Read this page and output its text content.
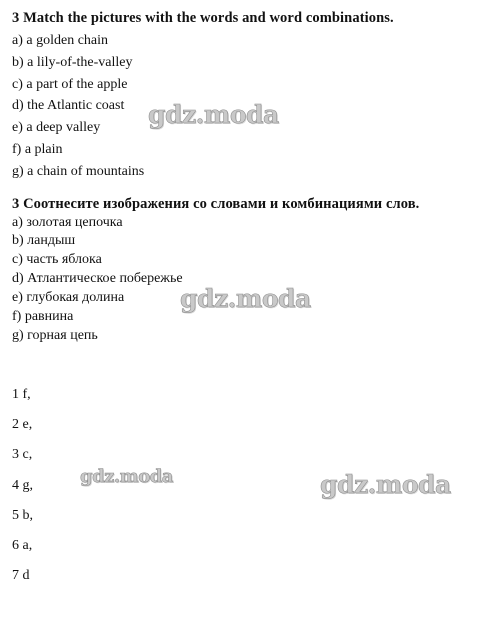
3 Match the pictures with the words and word combinations.
a) a golden chain
b) a lily-of-the-valley
c) a part of the apple
d) the Atlantic coast
e) a deep valley
f) a plain
g) a chain of mountains
3 Соотнесите изображения со словами и комбинациями слов.
a) золотая цепочка
b) ландыш
c) часть яблока
d) Атлантическое побережье
e) глубокая долина
f) равнина
g) горная цепь
1 f,
2 e,
3 c,
4 g,
5 b,
6 a,
7 d
gdz.moda
gdz.moda
gdz.moda	gdz.moda
